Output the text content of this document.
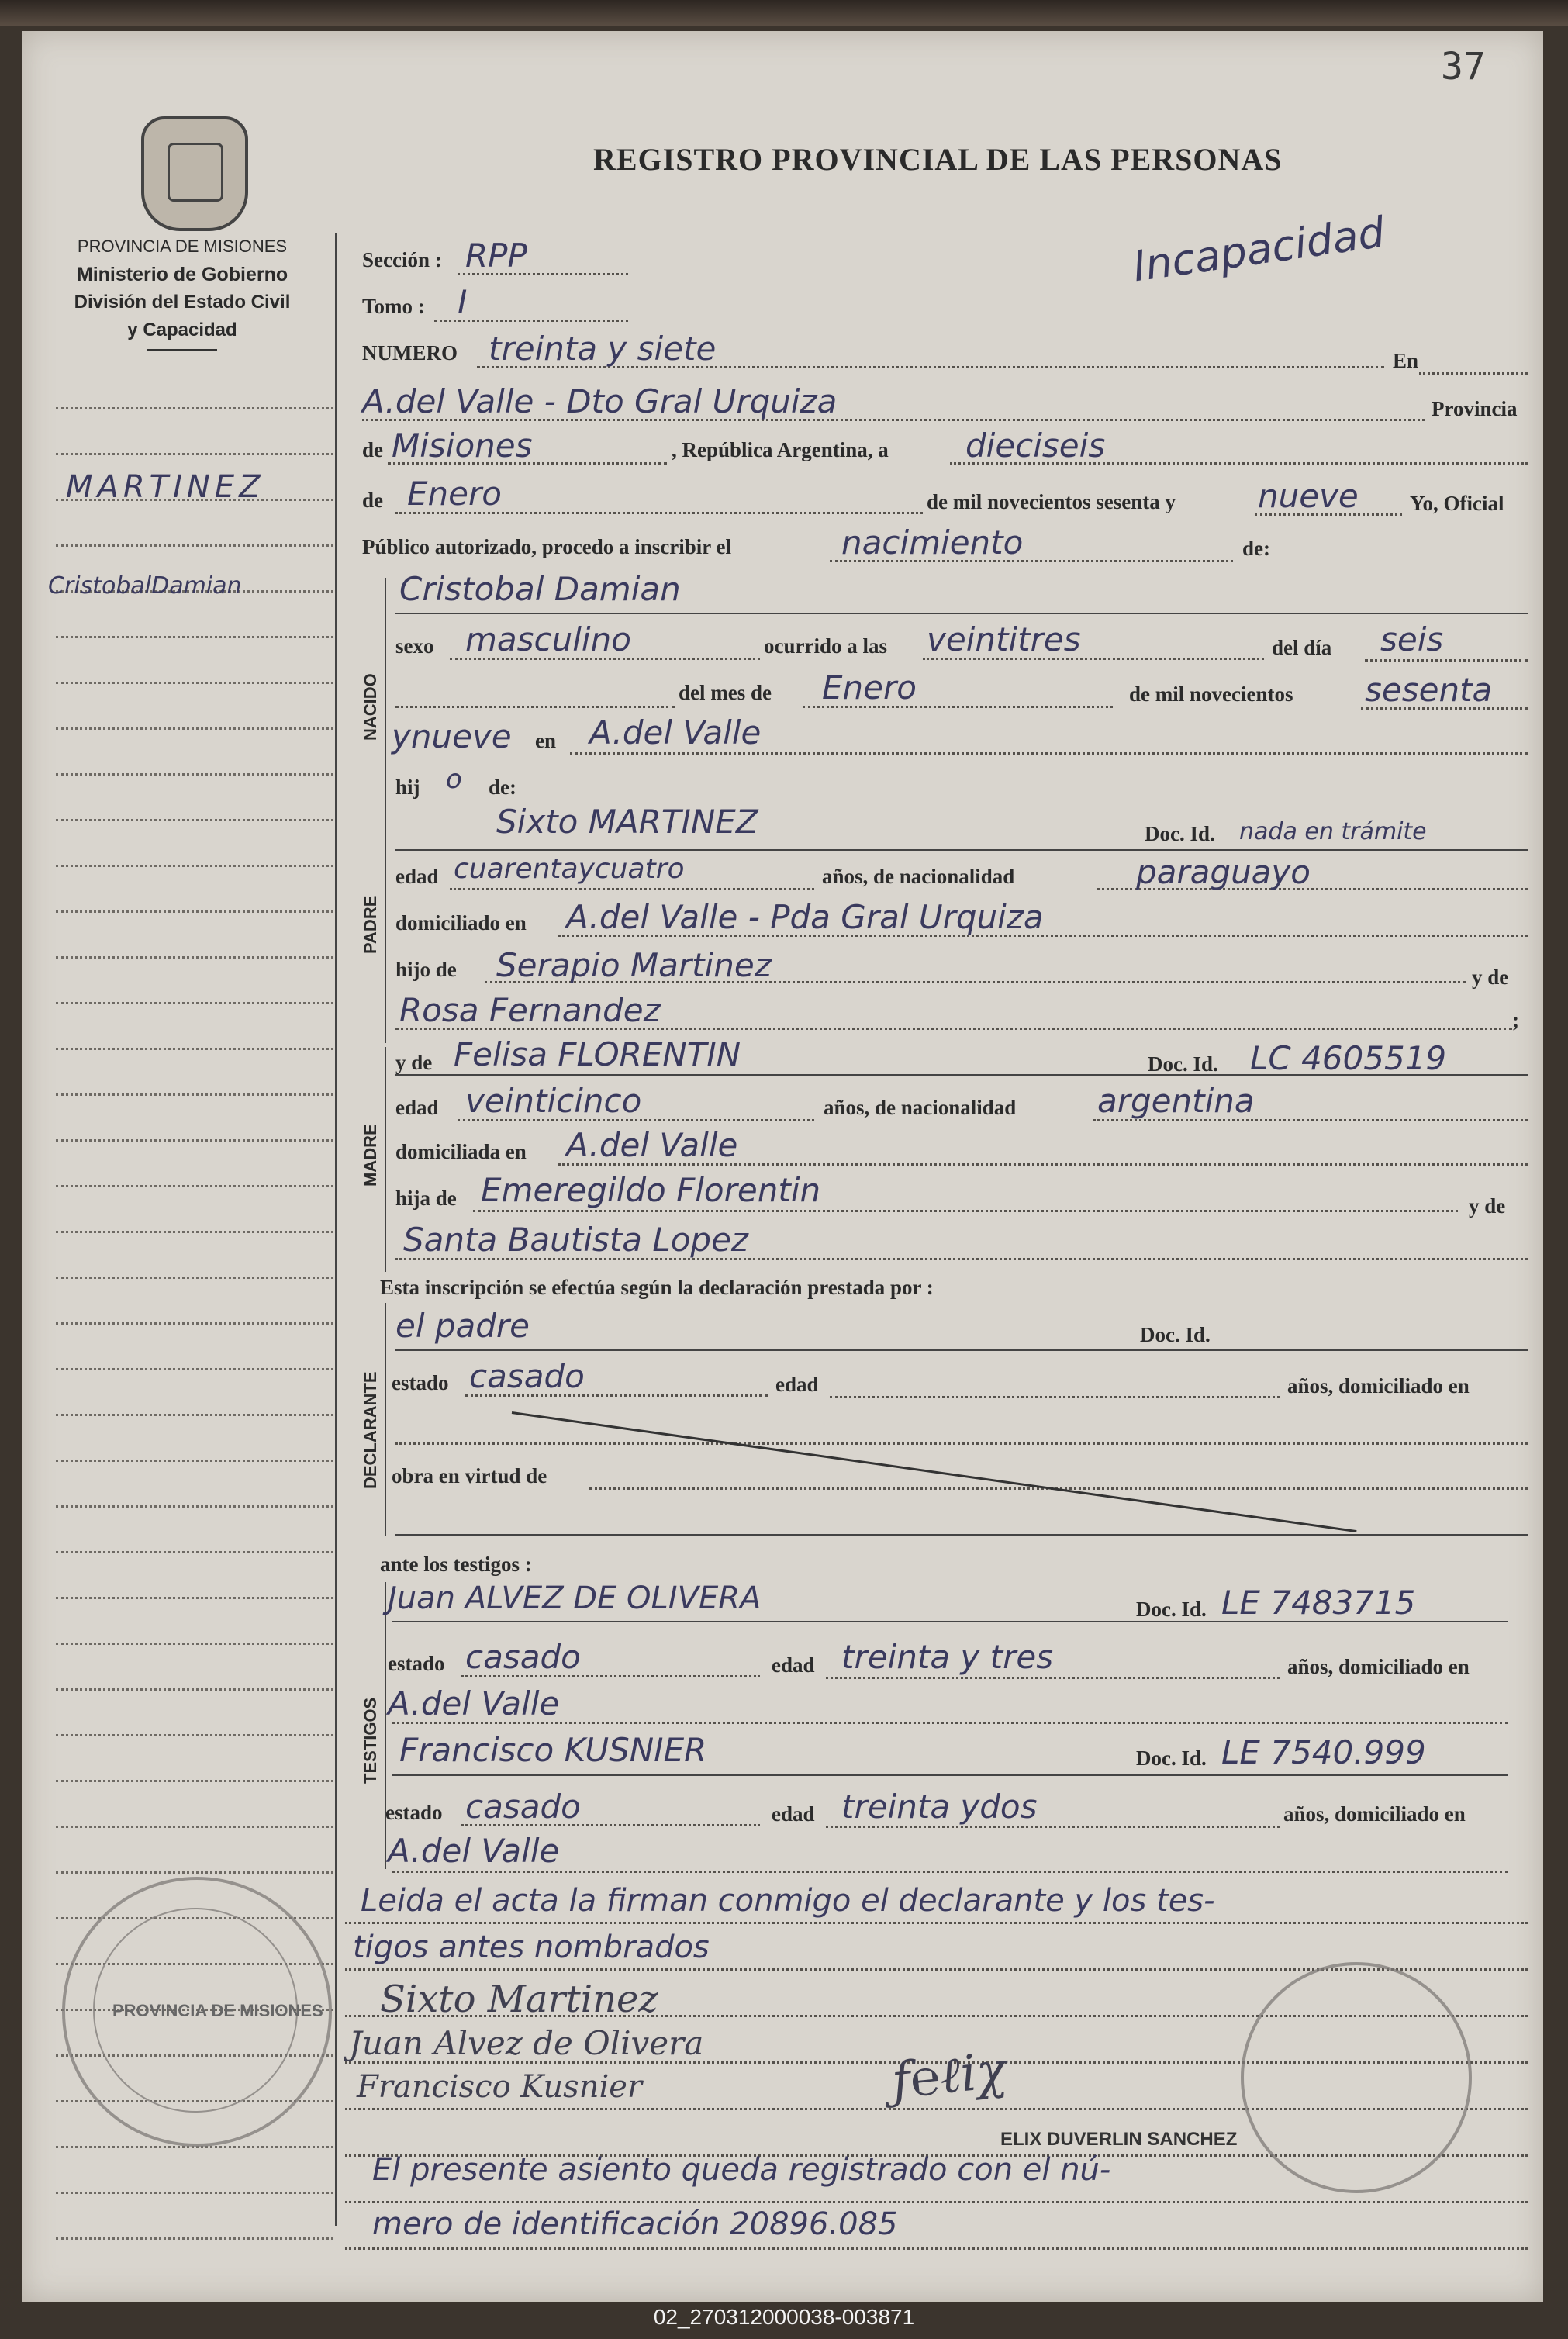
37
REGISTRO PROVINCIAL DE LAS PERSONAS
PROVINCIA DE MISIONES
Ministerio de Gobierno
División del Estado Civil
y Capacidad
Incapacidad
MARTINEZ
CristobalDamian
Sección : RPP
Tomo : I
NUMERO treinta y siete	En
A.del Valle - Dto Gral Urquiza	Provincia
de Misiones	, República Argentina, a dieciseis
de Enero	de mil novecientos sesenta y	nueve Yo, Oficial
Público autorizado, procedo a inscribir el	nacimiento	de:
NACIDO
Cristobal Damian
sexo masculino	ocurrido a las veintitres	del día seis
del mes de Enero	de mil novecientos sesenta
ynueve en A.del Valle
hij o de:
PADRE
Sixto MARTINEZ	Doc. Id. nada en trámite
edad cuarentaycuatro	años, de nacionalidad	paraguayo
domiciliado en A.del Valle - Pda Gral Urquiza
hijo de Serapio Martinez	y de
Rosa Fernandez	;
MADRE
y de Felisa FLORENTIN	Doc. Id. LC 4605519
edad veinticinco	años, de nacionalidad argentina
domiciliada en A.del Valle
hija de Emeregildo Florentin	y de
Santa Bautista Lopez
Esta inscripción se efectúa según la declaración prestada por :
DECLARANTE
el padre	Doc. Id.
estado casado	edad	años, domiciliado en
obra en virtud de
ante los testigos :
TESTIGOS
Juan ALVEZ DE OLIVERA	Doc. Id. LE 7483715
estado casado	edad treinta y tres	años, domiciliado en
A.del Valle
Francisco KUSNIER	Doc. Id. LE 7540.999
estado casado	edad treinta ydos	años, domiciliado en
A.del Valle
Leida el acta la firman conmigo el declarante y los tes-
tigos antes nombrados
Sixto Martinez
Juan Alvez de Olivera
Francisco Kusnier	ƒ℮ℓiχ
ELIX DUVERLIN SANCHEZ
El presente asiento queda registrado con el nú-
mero de identificación 20896.085
PROVINCIA DE MISIONES
02_270312000038-003871
